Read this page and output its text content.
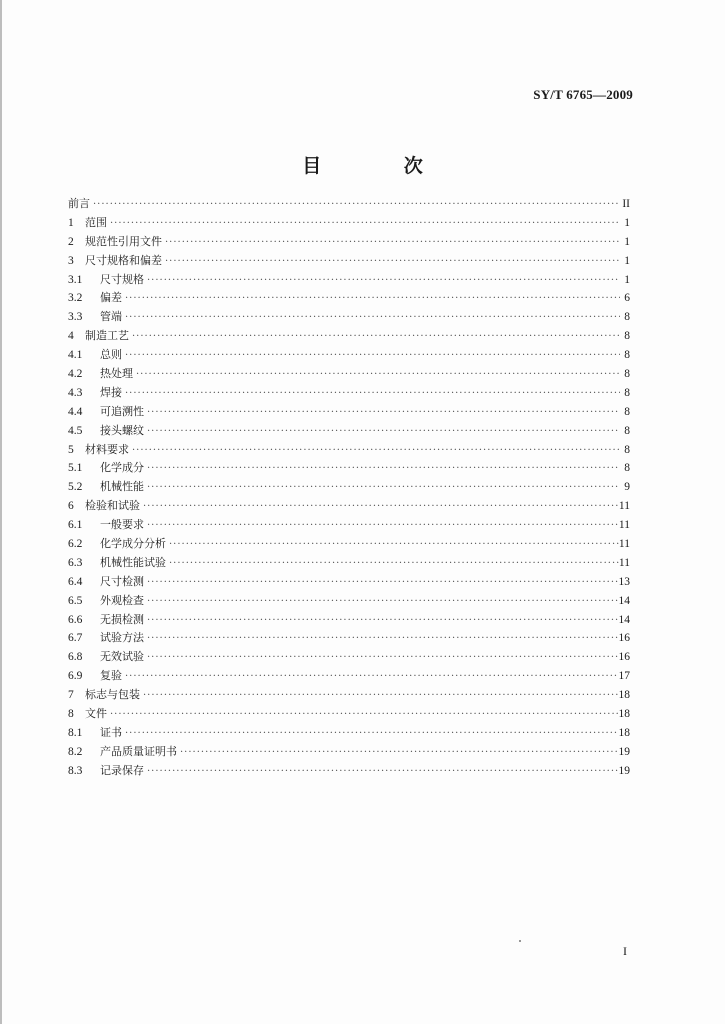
SY/T 6765—2009
目 次
前言 ·····	II
1	范围 ·····	1
2	规范性引用文件 ·····	1
3	尺寸规格和偏差 ·····	1
3.1	尺寸规格 ·····	1
3.2	偏差 ·····	6
3.3	管端 ·····	8
4	制造工艺 ·····	8
4.1	总则 ·····	8
4.2	热处理 ·····	8
4.3	焊接 ·····	8
4.4	可追溯性 ·····	8
4.5	接头螺纹 ·····	8
5	材料要求 ·····	8
5.1	化学成分 ·····	8
5.2	机械性能 ·····	9
6	检验和试验 ·····	11
6.1	一般要求 ·····	11
6.2	化学成分分析 ·····	11
6.3	机械性能试验 ·····	11
6.4	尺寸检测 ·····	13
6.5	外观检查 ·····	14
6.6	无损检测 ·····	14
6.7	试验方法 ·····	16
6.8	无效试验 ·····	16
6.9	复验 ·····	17
7	标志与包装 ·····	18
8	文件 ·····	18
8.1	证书 ·····	18
8.2	产品质量证明书 ·····	19
8.3	记录保存 ·····	19
I
